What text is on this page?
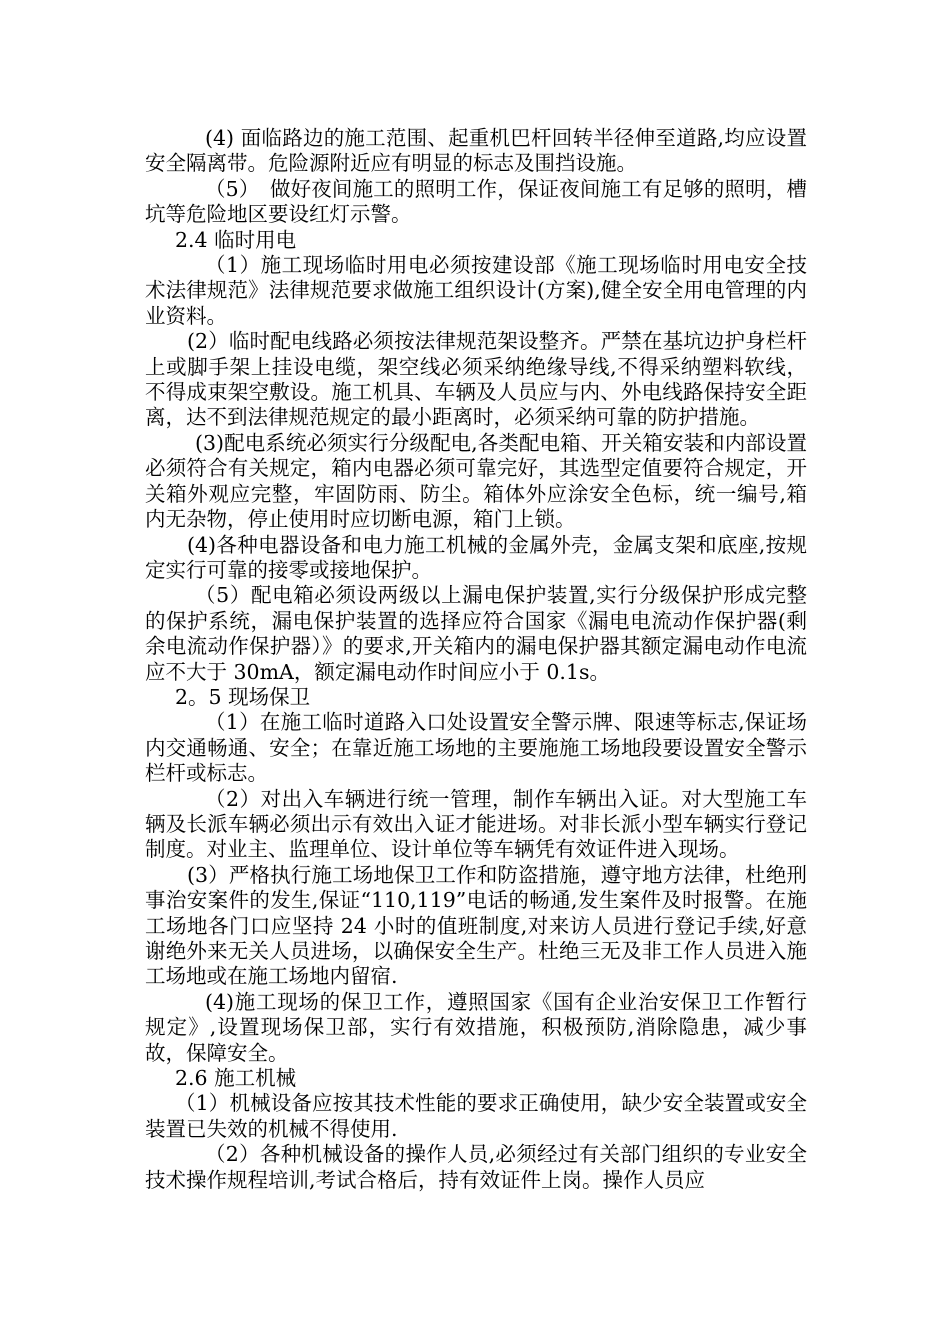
(4) 面临路边的施工范围、起重机巴杆回转半径伸至道路,均应设置安全隔离带。危险源附近应有明显的标志及围挡设施。

（5）　做好夜间施工的照明工作，保证夜间施工有足够的照明，槽坑等危险地区要设红灯示警。

2.4 临时用电

（1）施工现场临时用电必须按建设部《施工现场临时用电安全技术法律规范》法律规范要求做施工组织设计(方案),健全安全用电管理的内业资料。

(2）临时配电线路必须按法律规范架设整齐。严禁在基坑边护身栏杆上或脚手架上挂设电缆，架空线必须采纳绝缘导线,不得采纳塑料软线，不得成束架空敷设。施工机具、车辆及人员应与内、外电线路保持安全距离，达不到法律规范规定的最小距离时，必须采纳可靠的防护措施。

(3)配电系统必须实行分级配电,各类配电箱、开关箱安装和内部设置必须符合有关规定，箱内电器必须可靠完好，其选型定值要符合规定，开关箱外观应完整，牢固防雨、防尘。箱体外应涂安全色标，统一编号,箱内无杂物，停止使用时应切断电源，箱门上锁。

(4)各种电器设备和电力施工机械的金属外壳，金属支架和底座,按规定实行可靠的接零或接地保护。

（5）配电箱必须设两级以上漏电保护装置,实行分级保护形成完整的保护系统，漏电保护装置的选择应符合国家《漏电电流动作保护器(剩余电流动作保护器）》的要求,开关箱内的漏电保护器其额定漏电动作电流应不大于 30mA，额定漏电动作时间应小于 0.1s。

2。5 现场保卫

（1）在施工临时道路入口处设置安全警示牌、限速等标志,保证场内交通畅通、安全；在靠近施工场地的主要施施工场地段要设置安全警示栏杆或标志。

（2）对出入车辆进行统一管理，制作车辆出入证。对大型施工车辆及长派车辆必须出示有效出入证才能进场。对非长派小型车辆实行登记制度。对业主、监理单位、设计单位等车辆凭有效证件进入现场。

(3）严格执行施工场地保卫工作和防盗措施，遵守地方法律，杜绝刑事治安案件的发生,保证“110,119”电话的畅通,发生案件及时报警。在施工场地各门口应坚持 24 小时的值班制度,对来访人员进行登记手续,好意谢绝外来无关人员进场，以确保安全生产。杜绝三无及非工作人员进入施工场地或在施工场地内留宿.

(4)施工现场的保卫工作，遵照国家《国有企业治安保卫工作暂行规定》,设置现场保卫部，实行有效措施，积极预防,消除隐患，减少事故，保障安全。

2.6 施工机械

（1）机械设备应按其技术性能的要求正确使用，缺少安全装置或安全装置已失效的机械不得使用.

（2）各种机械设备的操作人员,必须经过有关部门组织的专业安全技术操作规程培训,考试合格后，持有效证件上岗。操作人员应
